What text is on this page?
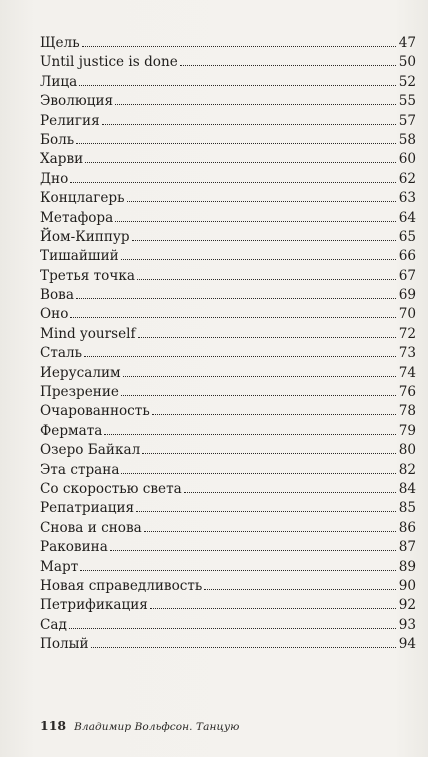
Щель	47
Until justice is done	50
Лица	52
Эволюция	55
Религия	57
Боль	58
Харви	60
Дно	62
Концлагерь	63
Метафора	64
Йом-Киппур	65
Тишайший	66
Третья точка	67
Вова	69
Оно	70
Mind yourself	72
Сталь	73
Иерусалим	74
Презрение	76
Очарованность	78
Фермата	79
Озеро Байкал	80
Эта страна	82
Со скоростью света	84
Репатриация	85
Снова и снова	86
Раковина	87
Март	89
Новая справедливость	90
Петрификация	92
Сад	93
Полый	94
118 Владимир Вольфсон. Танцую
